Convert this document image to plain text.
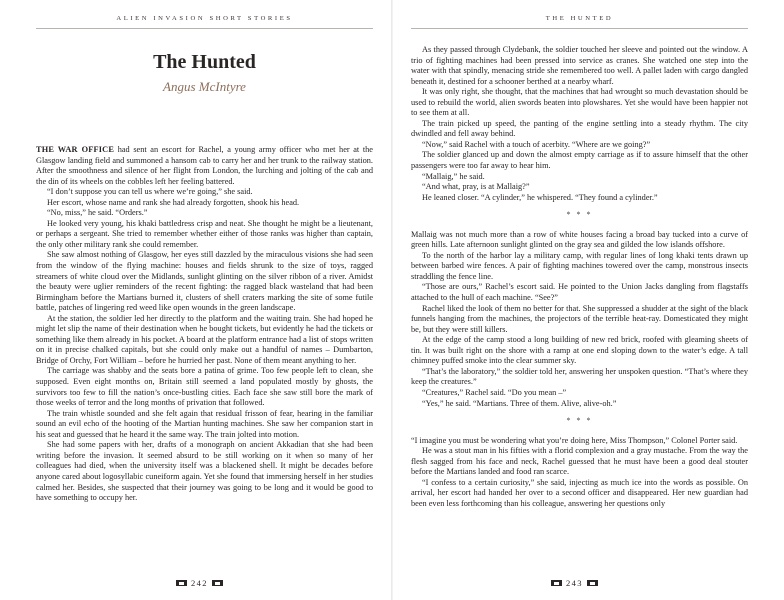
ALIEN INVASION SHORT STORIES
The Hunted
Angus McIntyre

THE WAR OFFICE had sent an escort for Rachel, a young army officer who met her at the Glasgow landing field and summoned a hansom cab to carry her and her trunk to the railway station. After the smoothness and silence of her flight from London, the lurching and jolting of the cab and the din of its wheels on the cobbles left her feeling battered.

“I don’t suppose you can tell us where we’re going,” she said.

Her escort, whose name and rank she had already forgotten, shook his head.

“No, miss,” he said. “Orders.”

He looked very young, his khaki battledress crisp and neat. She thought he might be a lieutenant, or perhaps a sergeant. She tried to remember whether either of those ranks was higher than captain, the only other military rank she could remember.

She saw almost nothing of Glasgow, her eyes still dazzled by the miraculous visions she had seen from the window of the flying machine: houses and fields shrunk to the size of toys, ragged streamers of white cloud over the Midlands, sunlight glinting on the silver ribbon of a river. Amidst the beauty were uglier reminders of the recent fighting: the ragged black wasteland that had been Birmingham before the Martians burned it, clusters of shell craters marking the site of some futile battle, patches of lingering red weed like open wounds in the green landscape.

At the station, the soldier led her directly to the platform and the waiting train. She had hoped he might let slip the name of their destination when he bought tickets, but evidently he had the tickets or something like them already in his pocket. A board at the platform entrance had a list of stops written on it in precise chalked capitals, but she could only make out a handful of names – Dumbarton, Bridge of Orchy, Fort William – before he hurried her past. None of them meant anything to her.

The carriage was shabby and the seats bore a patina of grime. Too few people left to clean, she supposed. Even eight months on, Britain still seemed a land populated mostly by ghosts, the survivors too few to fill the nation’s once-bustling cities. Each face she saw still bore the mark of those weeks of terror and the long months of privation that followed.

The train whistle sounded and she felt again that residual frisson of fear, hearing in the familiar sound an evil echo of the hooting of the Martian hunting machines. She saw her companion start in his seat and guessed that he heard it the same way. The train jolted into motion.

She had some papers with her, drafts of a monograph on ancient Akkadian that she had been writing before the invasion. It seemed absurd to be still working on it when so many of her colleagues had died, when the university itself was a blackened shell. It might be decades before anyone cared about logosyllabic cuneiform again. Yet she found that immersing herself in her studies calmed her. Besides, she suspected that their journey was going to be long and it would be good to have something to occupy her.

242
THE HUNTED

As they passed through Clydebank, the soldier touched her sleeve and pointed out the window. A trio of fighting machines had been pressed into service as cranes. She watched one step into the water with that spindly, menacing stride she remembered too well. A pallet laden with cargo dangled beneath it, destined for a schooner berthed at a nearby wharf.

It was only right, she thought, that the machines that had wrought so much devastation should be used to rebuild the world, alien swords beaten into plowshares. Yet she would have been happier not to see them at all.

The train picked up speed, the panting of the engine settling into a steady rhythm. The city dwindled and fell away behind.

“Now,” said Rachel with a touch of acerbity. “Where are we going?”

The soldier glanced up and down the almost empty carriage as if to assure himself that the other passengers were too far away to hear him.

“Mallaig,” he said.

“And what, pray, is at Mallaig?”

He leaned closer. “A cylinder,” he whispered. “They found a cylinder.”

* * *

Mallaig was not much more than a row of white houses facing a broad bay tucked into a curve of green hills. Late afternoon sunlight glinted on the gray sea and gilded the low islands offshore.

To the north of the harbor lay a military camp, with regular lines of long khaki tents drawn up between barbed wire fences. A pair of fighting machines towered over the camp, monstrous insects straddling the fence line.

“Those are ours,” Rachel’s escort said. He pointed to the Union Jacks dangling from flagstaffs attached to the hull of each machine. “See?”

Rachel liked the look of them no better for that. She suppressed a shudder at the sight of the black funnels hanging from the machines, the projectors of the terrible heat-ray. Domesticated they might be, but they were still killers.

At the edge of the camp stood a long building of new red brick, roofed with gleaming sheets of tin. It was built right on the shore with a ramp at one end sloping down to the water’s edge. A tall chimney puffed smoke into the clear summer sky.

“That’s the laboratory,” the soldier told her, answering her unspoken question. “That’s where they keep the creatures.”

“Creatures,” Rachel said. “Do you mean –”

“Yes,” he said. “Martians. Three of them. Alive, alive-oh.”

* * *

“I imagine you must be wondering what you’re doing here, Miss Thompson,” Colonel Porter said.

He was a stout man in his fifties with a florid complexion and a gray mustache. From the way the flesh sagged from his face and neck, Rachel guessed that he must have been a good deal stouter before the Martians landed and food ran scarce.

“I confess to a certain curiosity,” she said, injecting as much ice into the words as possible. On arrival, her escort had handed her over to a second officer and disappeared. Her new guardian had been even less forthcoming than his colleague, answering her questions only

243
